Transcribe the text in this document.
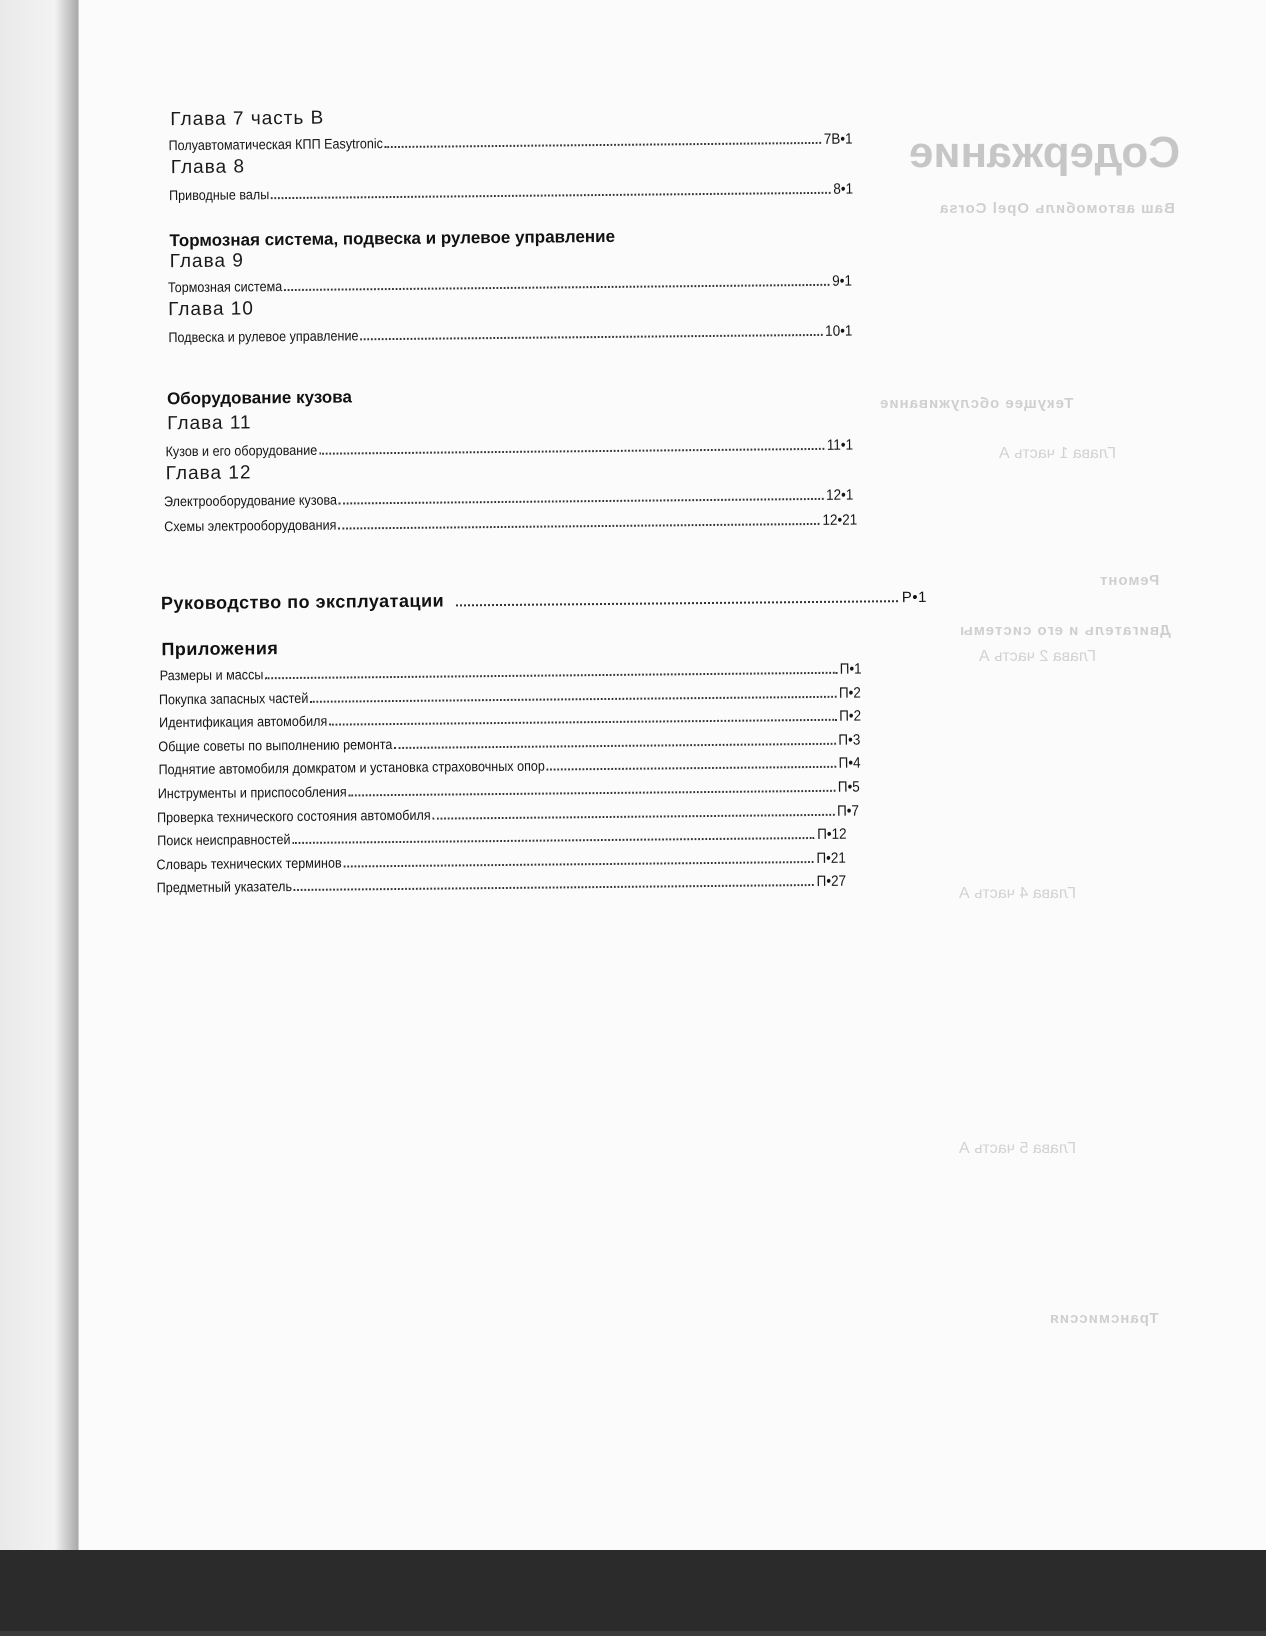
Содержание
Ваш автомобиль Opel Corsa
Текущее обслуживание
Глава 1 часть А
Ремонт
Двигатель и его системы
Глава 2 часть А
Глава 4 часть А
Глава 5 часть А
Трансмиссия
Глава 7 часть В
Полуавтоматическая КПП Easytronic	7В•1
Глава 8
Приводные валы	8•1
Тормозная система, подвеска и рулевое управление
Глава 9
Тормозная система	9•1
Глава 10
Подвеска и рулевое управление	10•1
Оборудование кузова
Глава 11
Кузов и его оборудование	11•1
Глава 12
Электрооборудование кузова	12•1
Схемы электрооборудования	12•21
Руководство по эксплуатации	Р•1
Приложения
Размеры и массы	П•1
Покупка запасных частей	П•2
Идентификация автомобиля	П•2
Общие советы по выполнению ремонта	П•3
Поднятие автомобиля домкратом и установка страховочных опор	П•4
Инструменты и приспособления	П•5
Проверка технического состояния автомобиля	П•7
Поиск неисправностей	П•12
Словарь технических терминов	П•21
Предметный указатель	П•27
